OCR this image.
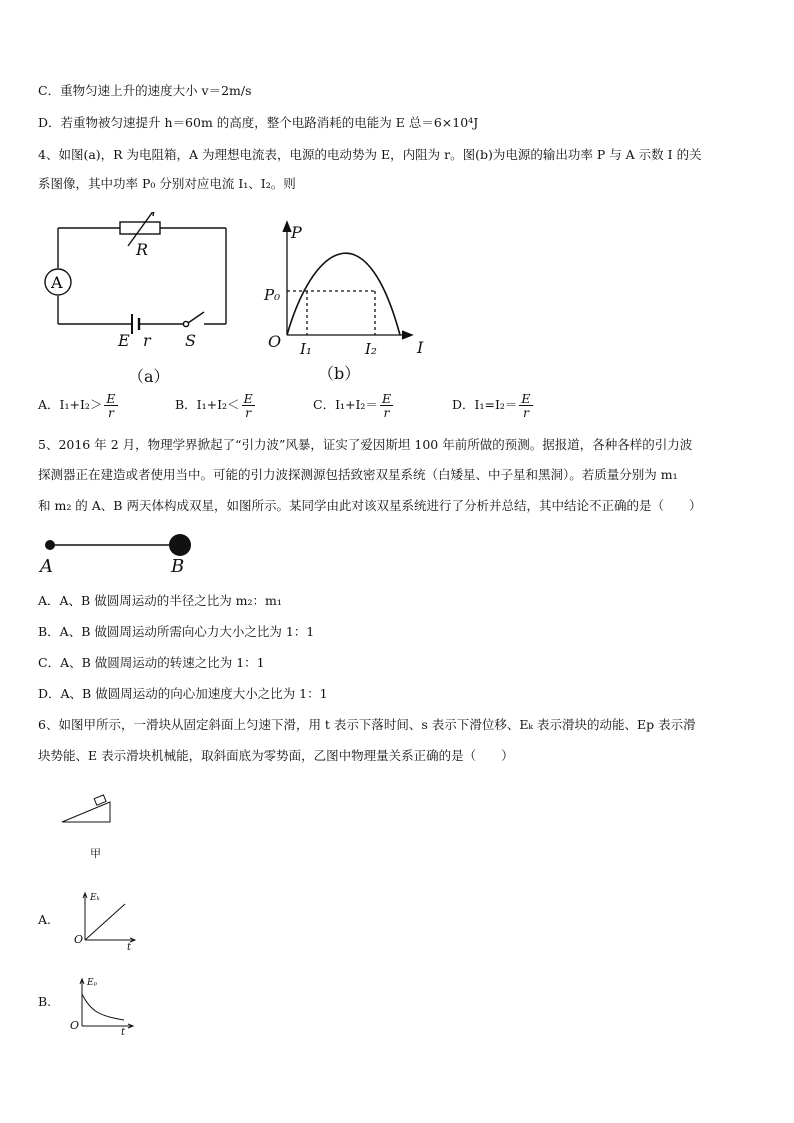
C．重物匀速上升的速度大小 v＝2m/s
D．若重物被匀速提升 h＝60m 的高度，整个电路消耗的电能为 E 总＝6×10⁴J
4、如图(a)，R 为电阻箱，A 为理想电流表，电源的电动势为 E，内阻为 r。图(b)为电源的输出功率 P 与 A 示数 I 的关
系图像，其中功率 P₀ 分别对应电流 I₁、I₂。则
A
R
E r S
（a）
P
P₀
O I₁	I₂	I
（b）
A．$I_1+I_2> \frac{E}{r}$	B．$I_1+I_2< \frac{E}{r}$	C．$I_1+I_2= \frac{E}{r}$	D．$I_1=I_2= \frac{E}{r}$
5、2016 年 2 月，物理学界掀起了“引力波”风暴，证实了爱因斯坦 100 年前所做的预测。据报道，各种各样的引力波
探测器正在建造或者使用当中。可能的引力波探测源包括致密双星系统（白矮星、中子星和黑洞）。若质量分别为 m₁
和 m₂ 的 A、B 两天体构成双星，如图所示。某同学由此对该双星系统进行了分析并总结，其中结论不正确的是（　　）
A	B
A．A、B 做圆周运动的半径之比为 m₂：m₁
B．A、B 做圆周运动所需向心力大小之比为 1：1
C．A、B 做圆周运动的转速之比为 1：1
D．A、B 做圆周运动的向心加速度大小之比为 1：1
6、如图甲所示，一滑块从固定斜面上匀速下滑，用 t 表示下落时间、s 表示下滑位移、Eₖ 表示滑块的动能、Ep 表示滑
块势能、E 表示滑块机械能，取斜面底为零势面，乙图中物理量关系正确的是（　　）
甲
A.
Eₖ
O
t
B.
Eₚ
O
t
